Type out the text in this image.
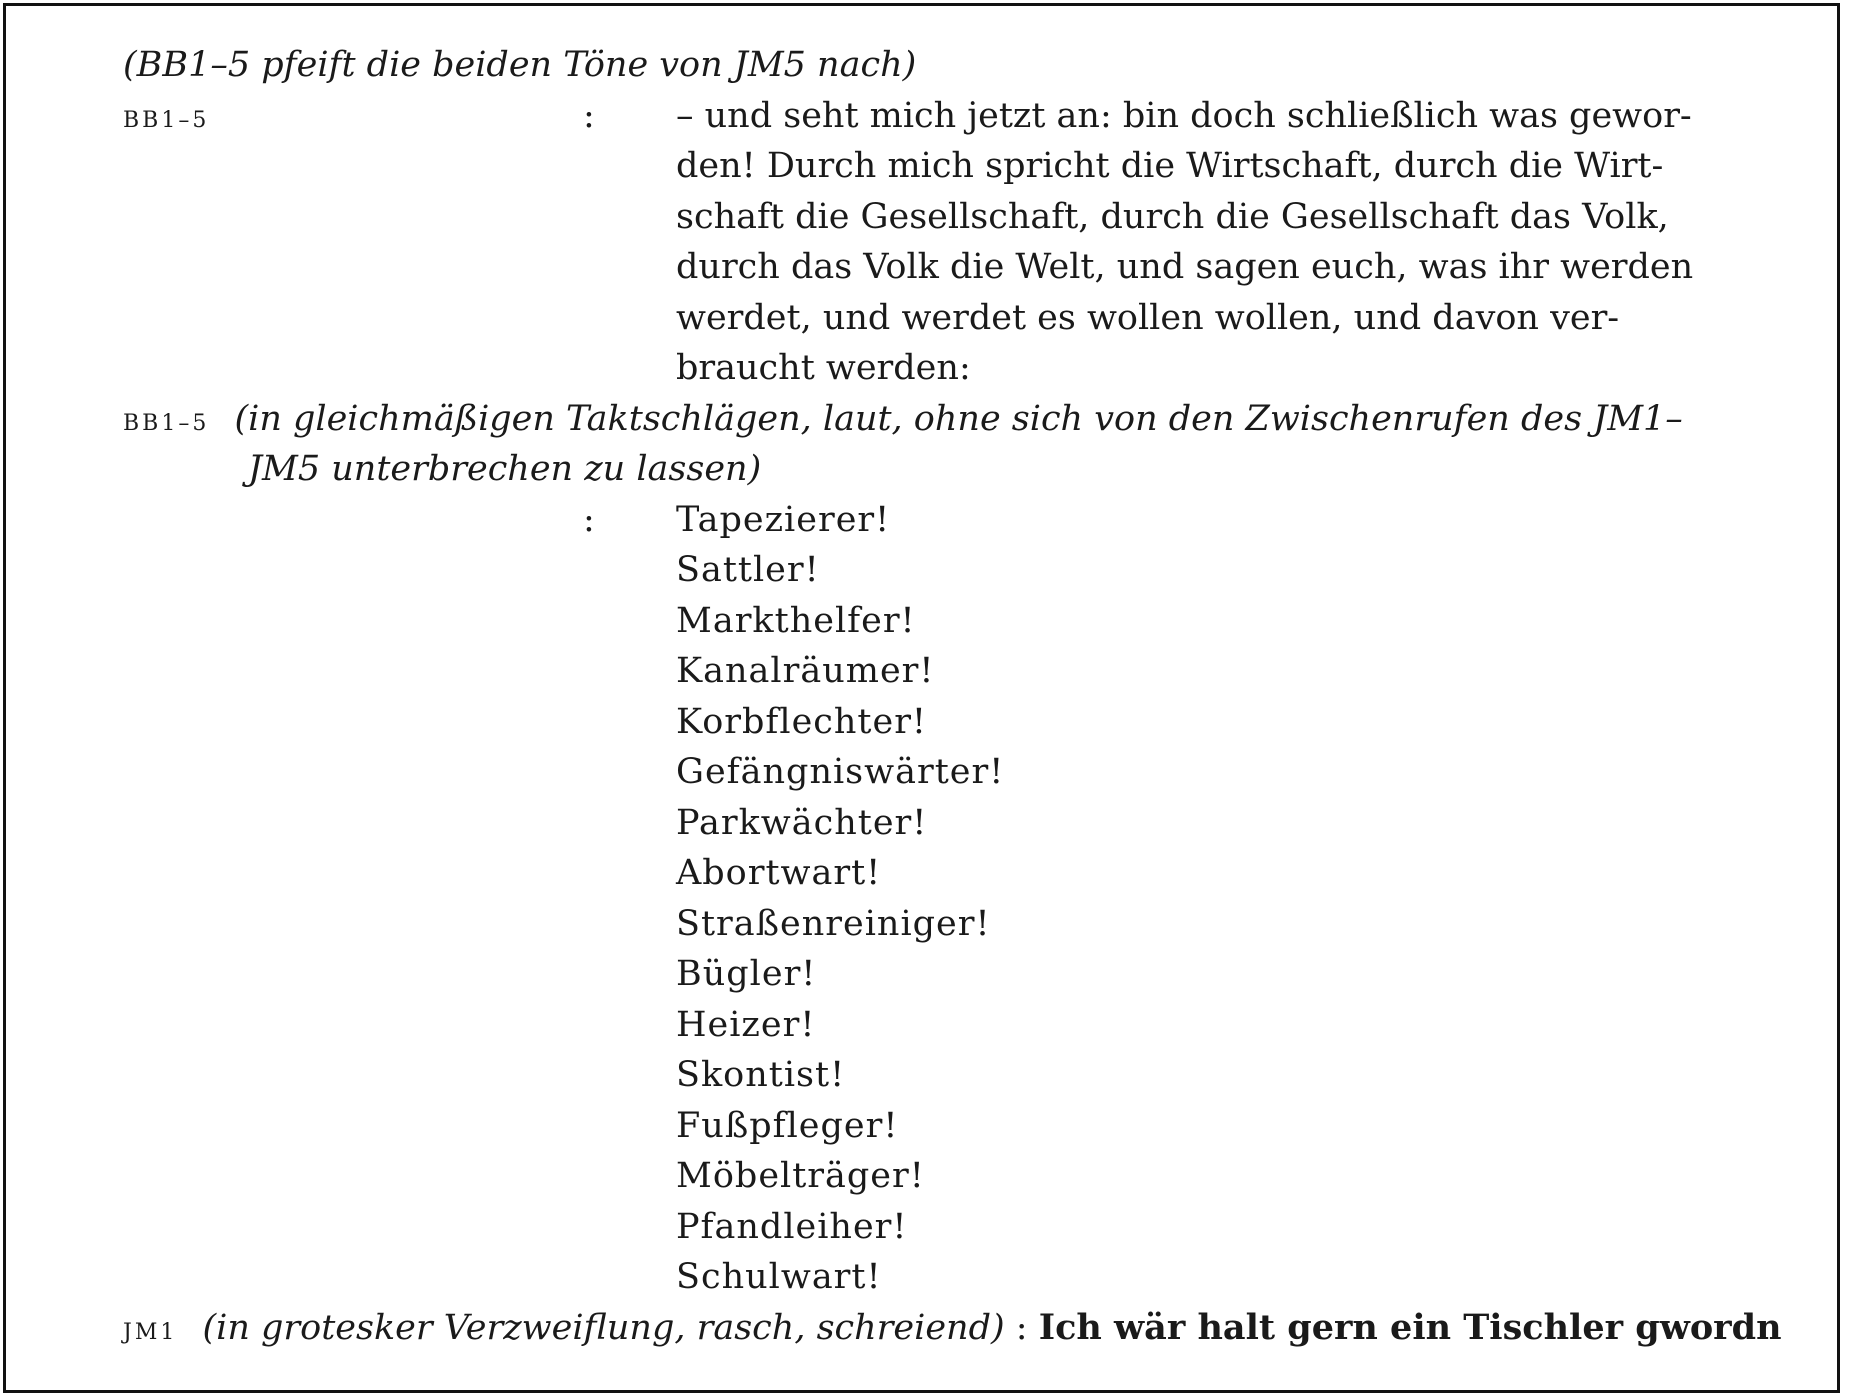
(BB1–5 pfeift die beiden Töne von JM5 nach)
BB1–5	: – und seht mich jetzt an: bin doch schließlich was gewor-
den! Durch mich spricht die Wirtschaft, durch die Wirt-
schaft die Gesellschaft, durch die Gesellschaft das Volk,
durch das Volk die Welt, und sagen euch, was ihr werden
werdet, und werdet es wollen wollen, und davon ver-
braucht werden:
BB1–5 (in gleichmäßigen Taktschlägen, laut, ohne sich von den Zwischenrufen des JM1–
JM5 unterbrechen zu lassen)
: Tapezierer!
Sattler!
Markthelfer!
Kanalräumer!
Korbflechter!
Gefängniswärter!
Parkwächter!
Abortwart!
Straßenreiniger!
Bügler!
Heizer!
Skontist!
Fußpfleger!
Möbelträger!
Pfandleiher!
Schulwart!
JM1 (in grotesker Verzweiflung, rasch, schreiend) : Ich wär halt gern ein Tischler gwordn
